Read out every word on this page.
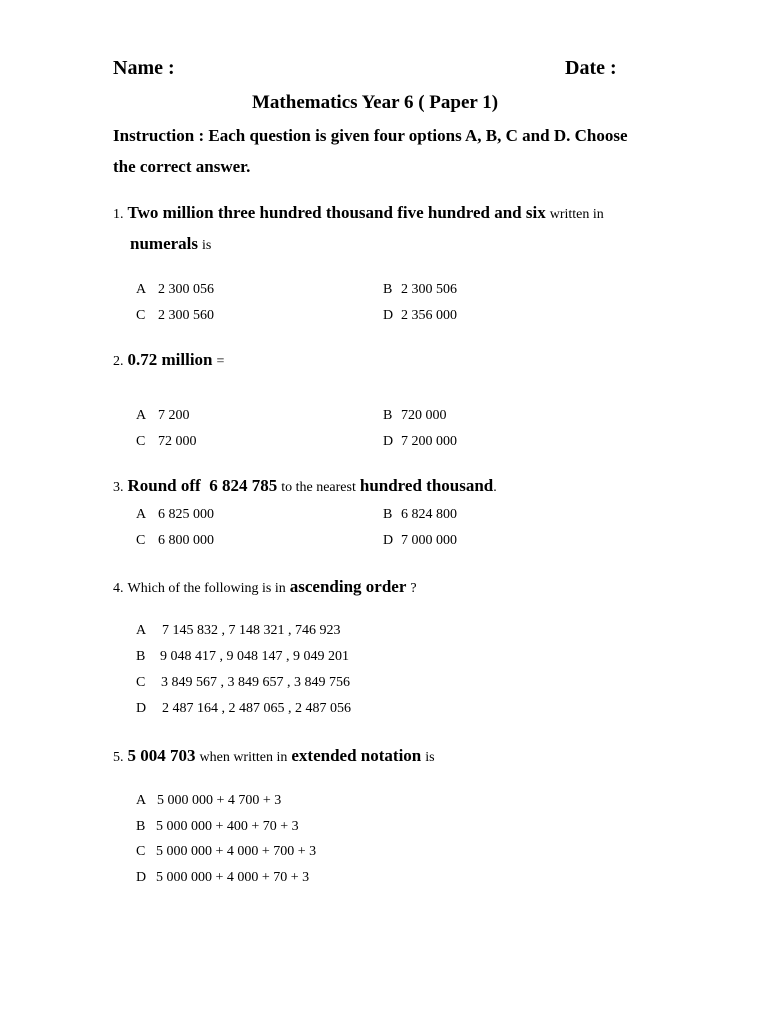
Name :	Date :
Mathematics Year 6 ( Paper 1)
Instruction : Each question is given four options A, B, C and D. Choose
the correct answer.
1. Two million three hundred thousand five hundred and six written in
numerals is
A 2 300 056	B 2 300 506
C 2 300 560	D 2 356 000
2. 0.72 million =
A 7 200	B 720 000
C 72 000	D 7 200 000
3. Round off  6 824 785 to the nearest hundred thousand.
A 6 825 000	B 6 824 800
C 6 800 000	D 7 000 000
4. Which of the following is in ascending order ?
A 7 145 832 , 7 148 321 , 746 923
B 9 048 417 , 9 048 147 , 9 049 201
C 3 849 567 , 3 849 657 , 3 849 756
D 2 487 164 , 2 487 065 , 2 487 056
5. 5 004 703 when written in extended notation is
A 5 000 000 + 4 700 + 3
B 5 000 000 + 400 + 70 + 3
C 5 000 000 + 4 000 + 700 + 3
D 5 000 000 + 4 000 + 70 + 3
